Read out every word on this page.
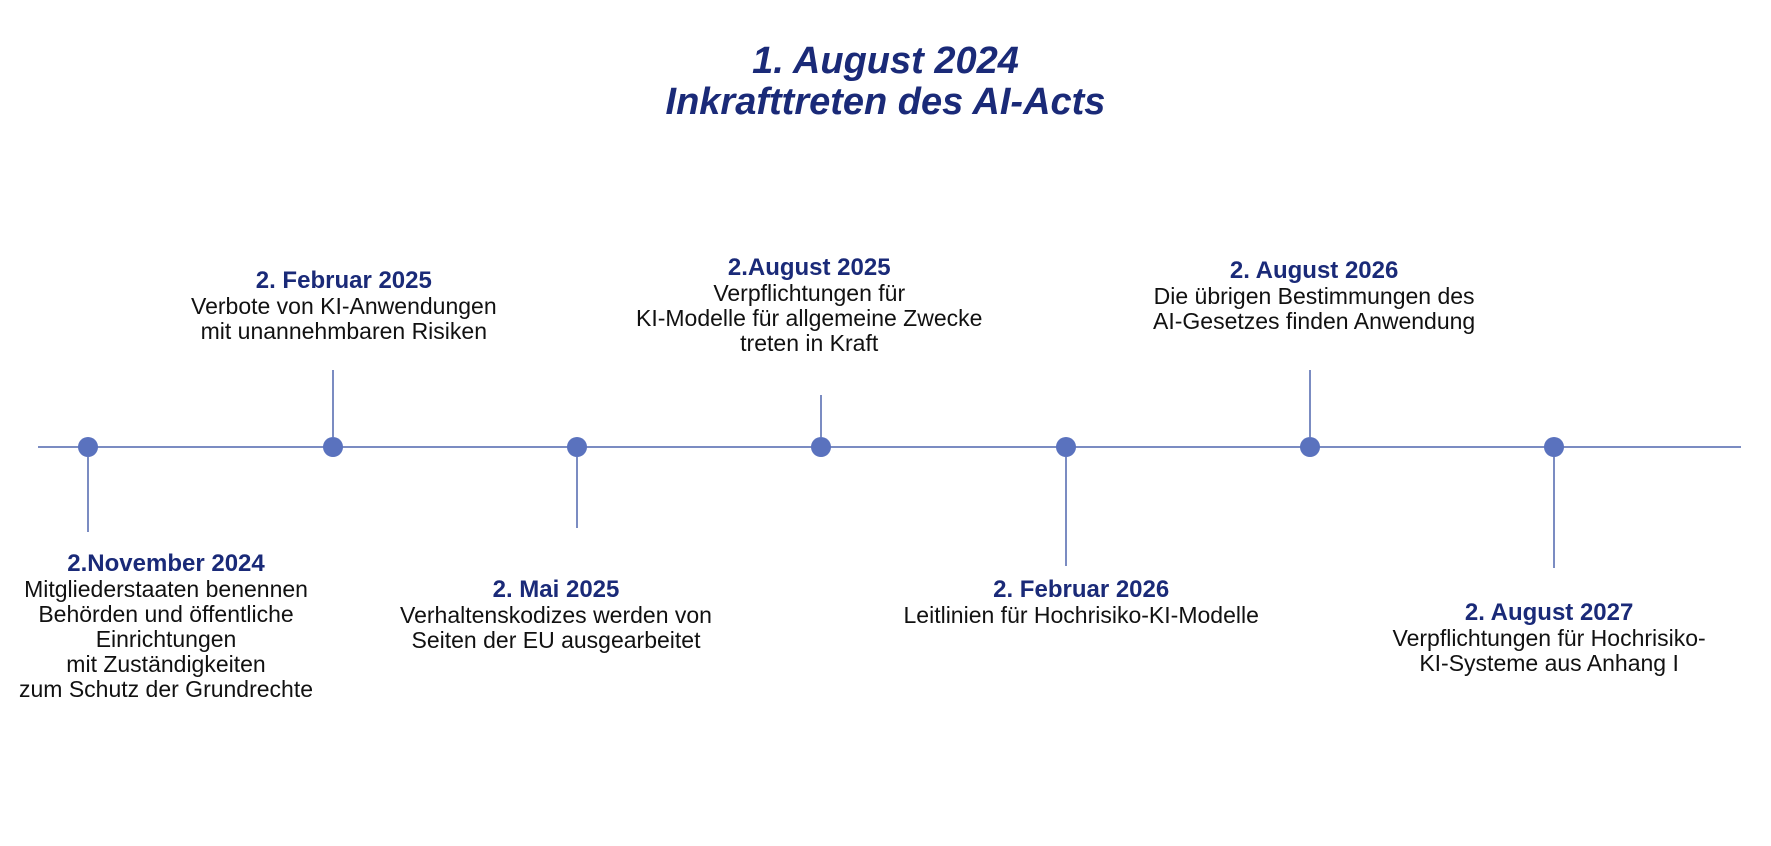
1. August 2024
Inkrafttreten des AI-Acts
2.November 2024
Mitgliederstaaten benennen
Behörden und öffentliche
Einrichtungen
mit Zuständigkeiten
zum Schutz der Grundrechte
2. Februar 2025
Verbote von KI-Anwendungen
mit unannehmbaren Risiken
2. Mai 2025
Verhaltenskodizes werden von
Seiten der EU ausgearbeitet
2.August 2025
Verpflichtungen für
KI-Modelle für allgemeine Zwecke
treten in Kraft
2. Februar 2026
Leitlinien für Hochrisiko-KI-Modelle
2. August 2026
Die übrigen Bestimmungen des
AI-Gesetzes finden Anwendung
2. August 2027
Verpflichtungen für Hochrisiko-
KI-Systeme aus Anhang I
